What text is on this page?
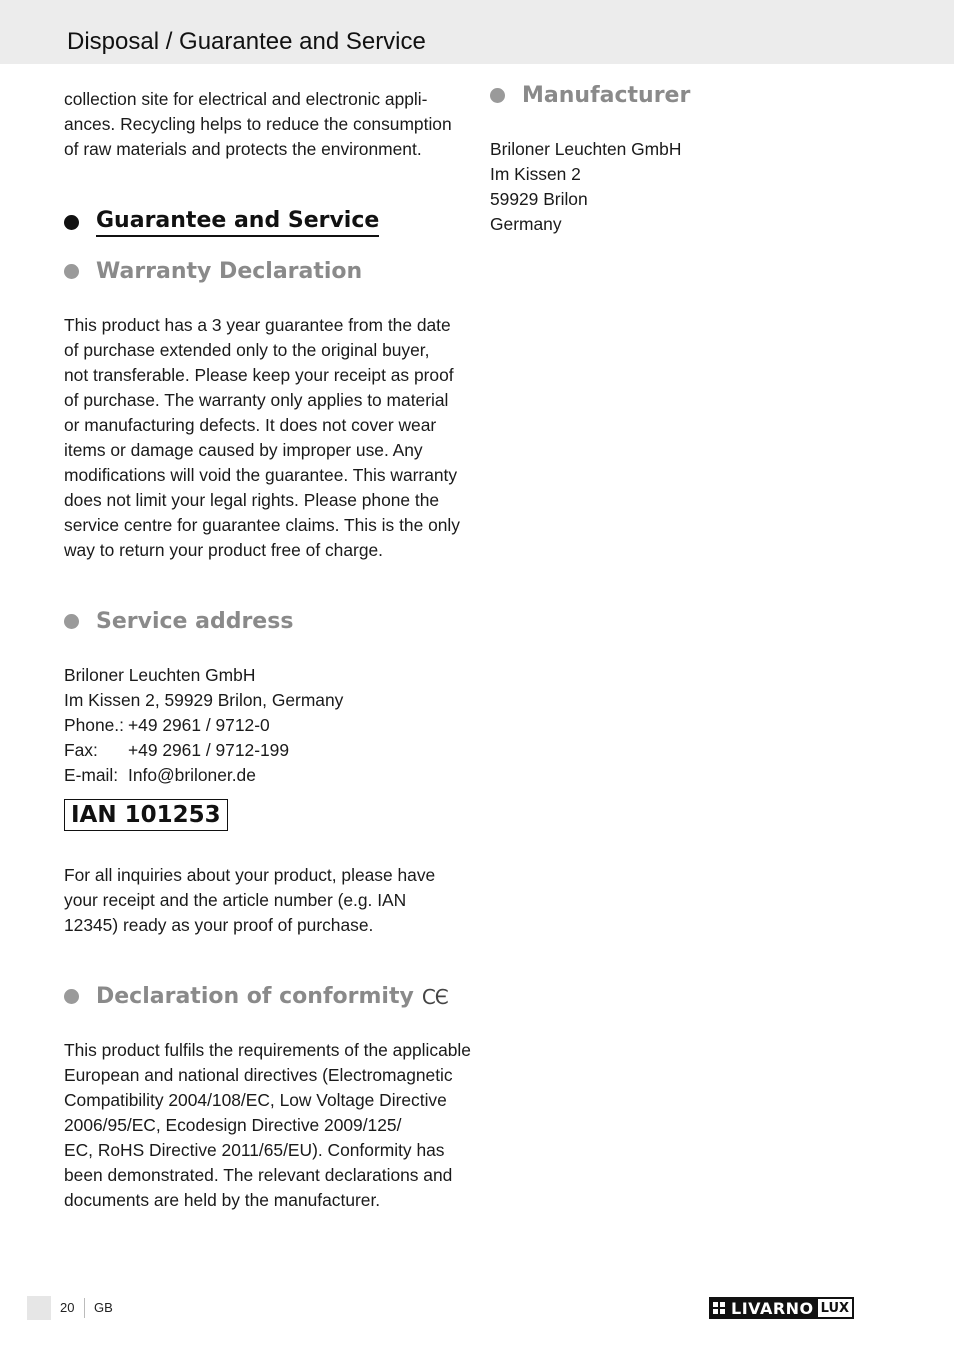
Disposal / Guarantee and Service

collection site for electrical and electronic appli-
ances. Recycling helps to reduce the consumption
of raw materials and protects the environment.

Guarantee and Service
Warranty Declaration

This product has a 3 year guarantee from the date
of purchase extended only to the original buyer,
not transferable. Please keep your receipt as proof
of purchase. The warranty only applies to material
or manufacturing defects. It does not cover wear
items or damage caused by improper use. Any
modifications will void the guarantee. This warranty
does not limit your legal rights. Please phone the
service centre for guarantee claims. This is the only
way to return your product free of charge.

Service address
Briloner Leuchten GmbH
Im Kissen 2, 59929 Brilon, Germany
Phone.: +49 2961 / 9712-0
Fax: +49 2961 / 9712-199
E-mail: Info@briloner.de
IAN 101253

For all inquiries about your product, please have
your receipt and the article number (e.g. IAN
12345) ready as your proof of purchase.

Declaration of conformity CЄ

This product fulfils the requirements of the applicable
European and national directives (Electromagnetic
Compatibility 2004/108/EC, Low Voltage Directive
2006/95/EC, Ecodesign Directive 2009/125/
EC, RoHS Directive 2011/65/EU). Conformity has
been demonstrated. The relevant declarations and
documents are held by the manufacturer.

Manufacturer
Briloner Leuchten GmbH
Im Kissen 2
59929 Brilon
Germany
20 GB	LIVARNO LUX
